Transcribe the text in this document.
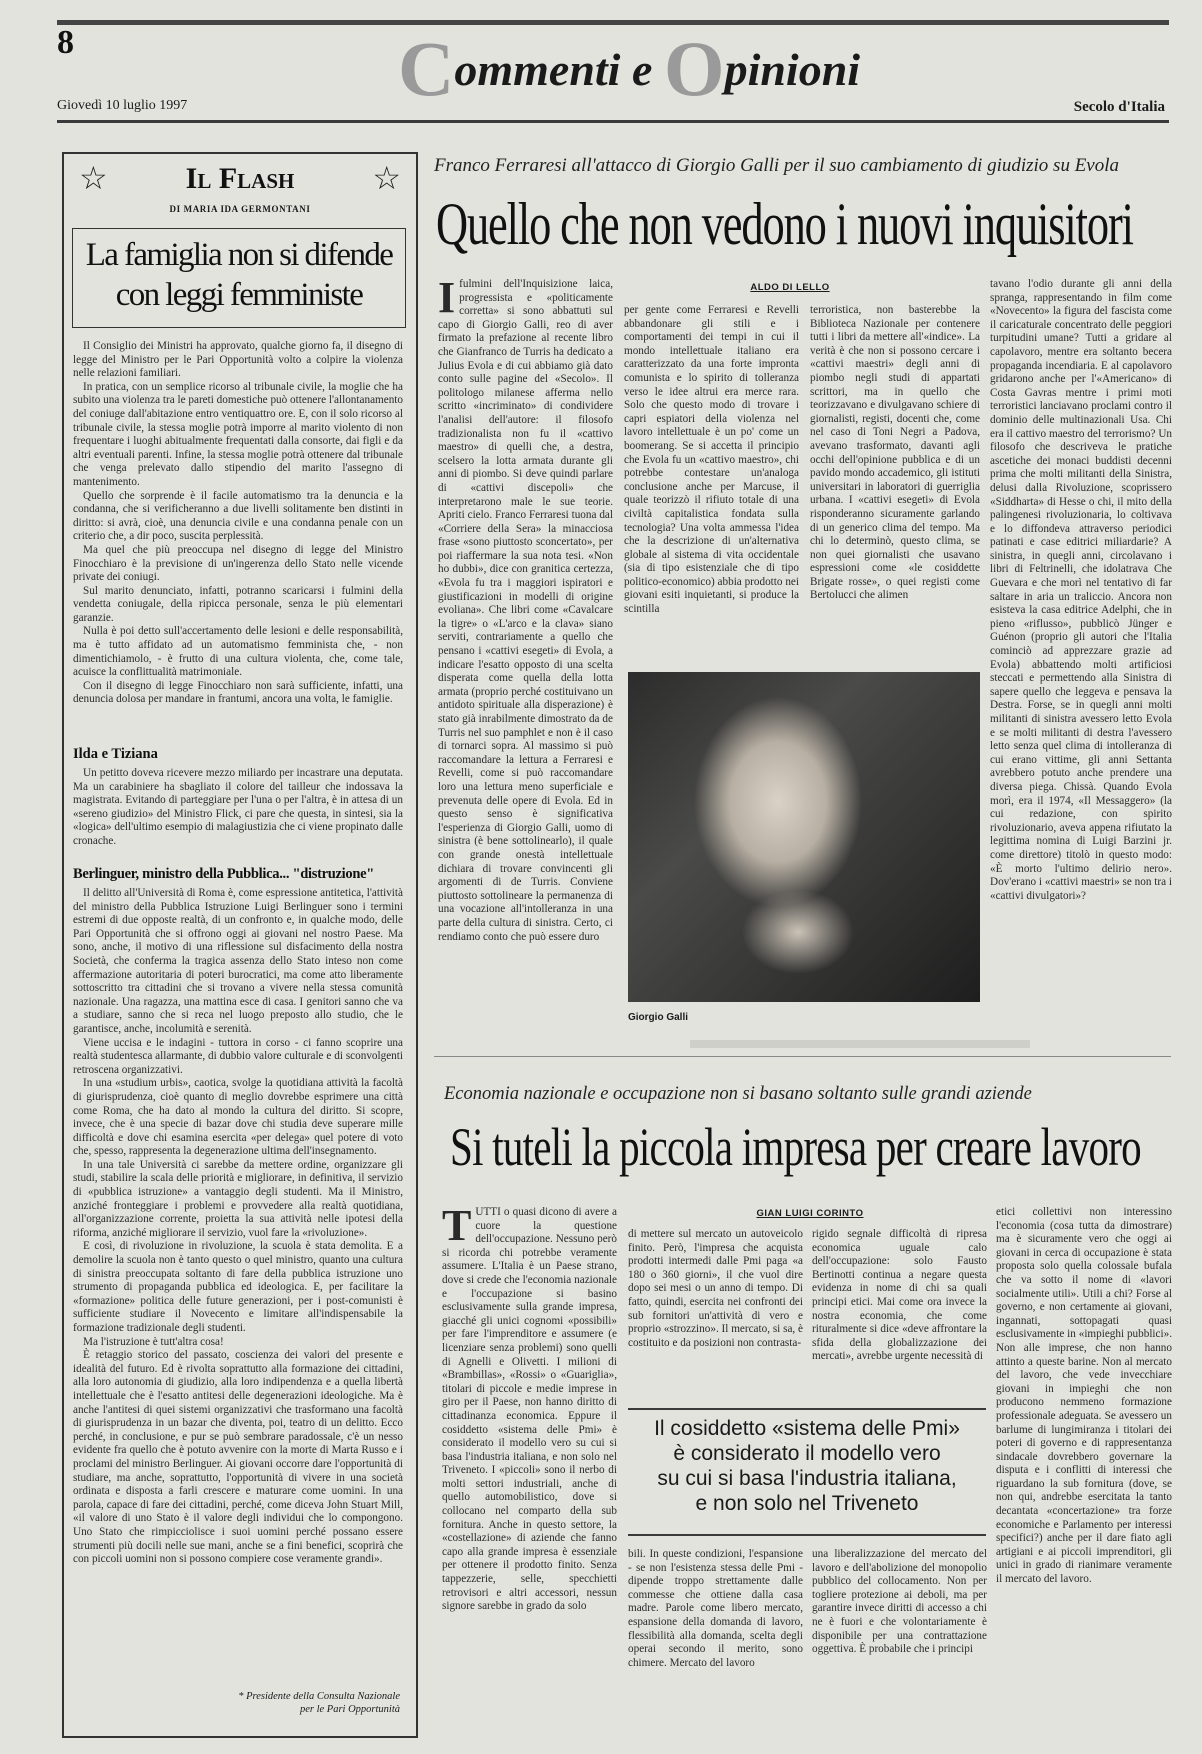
8	Commenti e Opinioni
Giovedì 10 luglio 1997	Secolo d'Italia
☆	Il Flash	☆
DI MARIA IDA GERMONTANI
La famiglia non si difende con leggi femministe

Il Consiglio dei Ministri ha approvato, qualche giorno fa, il disegno di legge del Ministro per le Pari Opportunità volto a colpire la violenza nelle relazioni familiari.

In pratica, con un semplice ricorso al tribunale civile, la moglie che ha subito una violenza tra le pareti domestiche può ottenere l'allontanamento del coniuge dall'abitazione entro ventiquattro ore. E, con il solo ricorso al tribunale civile, la stessa moglie potrà imporre al marito violento di non frequentare i luoghi abitualmente frequentati dalla consorte, dai figli e da altri eventuali parenti. Infine, la stessa moglie potrà ottenere dal tribunale che venga prelevato dallo stipendio del marito l'assegno di mantenimento.

Quello che sorprende è il facile automatismo tra la denuncia e la condanna, che si verificheranno a due livelli solitamente ben distinti in diritto: si avrà, cioè, una denuncia civile e una condanna penale con un criterio che, a dir poco, suscita perplessità.

Ma quel che più preoccupa nel disegno di legge del Ministro Finocchiaro è la previsione di un'ingerenza dello Stato nelle vicende private dei coniugi.

Sul marito denunciato, infatti, potranno scaricarsi i fulmini della vendetta coniugale, della ripicca personale, senza le più elementari garanzie.

Nulla è poi detto sull'accertamento delle lesioni e delle responsabilità, ma è tutto affidato ad un automatismo femminista che, - non dimentichiamolo, - è frutto di una cultura violenta, che, come tale, acuisce la conflittualità matrimoniale.

Con il disegno di legge Finocchiaro non sarà sufficiente, infatti, una denuncia dolosa per mandare in frantumi, ancora una volta, le famiglie.

Ilda e Tiziana

Un petitto doveva ricevere mezzo miliardo per incastrare una deputata. Ma un carabiniere ha sbagliato il colore del tailleur che indossava la magistrata. Evitando di parteggiare per l'una o per l'altra, è in attesa di un «sereno giudizio» del Ministro Flick, ci pare che questa, in sintesi, sia la «logica» dell'ultimo esempio di malagiustizia che ci viene propinato dalle cronache.

Berlinguer, ministro della Pubblica... "distruzione"

Il delitto all'Università di Roma è, come espressione antitetica, l'attività del ministro della Pubblica Istruzione Luigi Berlinguer sono i termini estremi di due opposte realtà, di un confronto e, in qualche modo, delle Pari Opportunità che si offrono oggi ai giovani nel nostro Paese. Ma sono, anche, il motivo di una riflessione sul disfacimento della nostra Società, che conferma la tragica assenza dello Stato inteso non come affermazione autoritaria di poteri burocratici, ma come atto liberamente sottoscritto tra cittadini che si trovano a vivere nella stessa comunità nazionale. Una ragazza, una mattina esce di casa. I genitori sanno che va a studiare, sanno che si reca nel luogo preposto allo studio, che le garantisce, anche, incolumità e serenità.

Viene uccisa e le indagini - tuttora in corso - ci fanno scoprire una realtà studentesca allarmante, di dubbio valore culturale e di sconvolgenti retroscena organizzativi.

In una «studium urbis», caotica, svolge la quotidiana attività la facoltà di giurisprudenza, cioè quanto di meglio dovrebbe esprimere una città come Roma, che ha dato al mondo la cultura del diritto. Si scopre, invece, che è una specie di bazar dove chi studia deve superare mille difficoltà e dove chi esamina esercita «per delega» quel potere di voto che, spesso, rappresenta la degenerazione ultima dell'insegnamento.

In una tale Università ci sarebbe da mettere ordine, organizzare gli studi, stabilire la scala delle priorità e migliorare, in definitiva, il servizio di «pubblica istruzione» a vantaggio degli studenti. Ma il Ministro, anziché fronteggiare i problemi e provvedere alla realtà quotidiana, all'organizzazione corrente, proietta la sua attività nelle ipotesi della riforma, anziché migliorare il servizio, vuol fare la «rivoluzione».

E così, di rivoluzione in rivoluzione, la scuola è stata demolita. E a demolire la scuola non è tanto questo o quel ministro, quanto una cultura di sinistra preoccupata soltanto di fare della pubblica istruzione uno strumento di propaganda pubblica ed ideologica. E, per facilitare la «formazione» politica delle future generazioni, per i post-comunisti è sufficiente studiare il Novecento e limitare all'indispensabile la formazione tradizionale degli studenti.

Ma l'istruzione è tutt'altra cosa!

È retaggio storico del passato, coscienza dei valori del presente e idealità del futuro. Ed è rivolta soprattutto alla formazione dei cittadini, alla loro autonomia di giudizio, alla loro indipendenza e a quella libertà intellettuale che è l'esatto antitesi delle degenerazioni ideologiche. Ma è anche l'antitesi di quei sistemi organizzativi che trasformano una facoltà di giurisprudenza in un bazar che diventa, poi, teatro di un delitto. Ecco perché, in conclusione, e pur se può sembrare paradossale, c'è un nesso evidente fra quello che è potuto avvenire con la morte di Marta Russo e i proclami del ministro Berlinguer. Ai giovani occorre dare l'opportunità di studiare, ma anche, soprattutto, l'opportunità di vivere in una società ordinata e disposta a farli crescere e maturare come uomini. In una parola, capace di fare dei cittadini, perché, come diceva John Stuart Mill, «il valore di uno Stato è il valore degli individui che lo compongono. Uno Stato che rimpicciolisce i suoi uomini perché possano essere strumenti più docili nelle sue mani, anche se a fini benefici, scoprirà che con piccoli uomini non si possono compiere cose veramente grandi».

* Presidente della Consulta Nazionale
per le Pari Opportunità
Franco Ferraresi all'attacco di Giorgio Galli per il suo cambiamento di giudizio su Evola
Quello che non vedono i nuovi inquisitori
ALDO DI LELLO
Ifulmini dell'Inquisizione laica, progressista e «politicamente corretta» si sono abbattuti sul capo di Giorgio Galli, reo di aver firmato la prefazione al recente libro che Gianfranco de Turris ha dedicato a Julius Evola e di cui abbiamo già dato conto sulle pagine del «Secolo». Il politologo milanese afferma nello scritto «incriminato» di condividere l'analisi dell'autore: il filosofo tradizionalista non fu il «cattivo maestro» di quelli che, a destra, scelsero la lotta armata durante gli anni di piombo. Si deve quindi parlare di «cattivi discepoli» che interpretarono male le sue teorie. Apriti cielo. Franco Ferraresi tuona dal «Corriere della Sera» la minacciosa frase «sono piuttosto sconcertato», per poi riaffermare la sua nota tesi. «Non ho dubbi», dice con granitica certezza, «Evola fu tra i maggiori ispiratori e giustificazioni in modelli di origine evoliana». Che libri come «Cavalcare la tigre» o «L'arco e la clava» siano serviti, contrariamente a quello che pensano i «cattivi esegeti» di Evola, a indicare l'esatto opposto di una scelta disperata come quella della lotta armata (proprio perché costituivano un antidoto spirituale alla disperazione) è stato già inrabilmente dimostrato da de Turris nel suo pamphlet e non è il caso di tornarci sopra. Al massimo si può raccomandare la lettura a Ferraresi e Revelli, come si può raccomandare loro una lettura meno superficiale e prevenuta delle opere di Evola. Ed in questo senso è significativa l'esperienza di Giorgio Galli, uomo di sinistra (è bene sottolinearlo), il quale con grande onestà intellettuale dichiara di trovare convincenti gli argomenti di de Turris. Conviene piuttosto sottolineare la permanenza di una vocazione all'intolleranza in una parte della cultura di sinistra. Certo, ci rendiamo conto che può essere duro

per gente come Ferraresi e Revelli abbandonare gli stili e i comportamenti dei tempi in cui il mondo intellettuale italiano era caratterizzato da una forte impronta comunista e lo spirito di tolleranza verso le idee altrui era merce rara. Solo che questo modo di trovare i capri espiatori della violenza nel lavoro intellettuale è un po' come un boomerang. Se si accetta il principio che Evola fu un «cattivo maestro», chi potrebbe contestare un'analoga conclusione anche per Marcuse, il quale teorizzò il rifiuto totale di una civiltà capitalistica fondata sulla tecnologia? Una volta ammessa l'idea che la descrizione di un'alternativa globale al sistema di vita occidentale (sia di tipo esistenziale che di tipo politico-economico) abbia prodotto nei giovani esiti inquietanti, si produce la scintilla

terroristica, non basterebbe la Biblioteca Nazionale per contenere tutti i libri da mettere all'«indice». La verità è che non si possono cercare i «cattivi maestri» degli anni di piombo negli studi di appartati scrittori, ma in quello che teorizzavano e divulgavano schiere di giornalisti, registi, docenti che, come nel caso di Toni Negri a Padova, avevano trasformato, davanti agli occhi dell'opinione pubblica e di un pavido mondo accademico, gli istituti universitari in laboratori di guerriglia urbana. I «cattivi esegeti» di Evola risponderanno sicuramente garlando di un generico clima del tempo. Ma chi lo determinò, questo clima, se non quei giornalisti che usavano espressioni come «le cosiddette Brigate rosse», o quei registi come Bertolucci che alimen

tavano l'odio durante gli anni della spranga, rappresentando in film come «Novecento» la figura del fascista come il caricaturale concentrato delle peggiori turpitudini umane? Tutti a gridare al capolavoro, mentre era soltanto becera propaganda incendiaria. E al capolavoro gridarono anche per l'«Americano» di Costa Gavras mentre i primi moti terroristici lanciavano proclami contro il dominio delle multinazionali Usa. Chi era il cattivo maestro del terrorismo? Un filosofo che descriveva le pratiche ascetiche dei monaci buddisti decenni prima che molti militanti della Sinistra, delusi dalla Rivoluzione, scoprissero «Siddharta» di Hesse o chi, il mito della palingenesi rivoluzionaria, lo coltivava e lo diffondeva attraverso periodici patinati e case editrici miliardarie? A sinistra, in quegli anni, circolavano i libri di Feltrinelli, che idolatrava Che Guevara e che morì nel tentativo di far saltare in aria un traliccio. Ancora non esisteva la casa editrice Adelphi, che in pieno «riflusso», pubblicò Jünger e Guénon (proprio gli autori che l'Italia cominciò ad apprezzare grazie ad Evola) abbattendo molti artificiosi steccati e permettendo alla Sinistra di sapere quello che leggeva e pensava la Destra. Forse, se in quegli anni molti militanti di sinistra avessero letto Evola e se molti militanti di destra l'avessero letto senza quel clima di intolleranza di cui erano vittime, gli anni Settanta avrebbero potuto anche prendere una diversa piega. Chissà. Quando Evola morì, era il 1974, «Il Messaggero» (la cui redazione, con spirito rivoluzionario, aveva appena rifiutato la legittima nomina di Luigi Barzini jr. come direttore) titolò in questo modo: «È morto l'ultimo delirio nero». Dov'erano i «cattivi maestri» se non tra i «cattivi divulgatori»?

Giorgio Galli
Economia nazionale e occupazione non si basano soltanto sulle grandi aziende
Si tuteli la piccola impresa per creare lavoro
GIAN LUIGI CORINTO
TUTTI o quasi dicono di avere a cuore la questione dell'occupazione. Nessuno però si ricorda chi potrebbe veramente assumere. L'Italia è un Paese strano, dove si crede che l'economia nazionale e l'occupazione si basino esclusivamente sulla grande impresa, giacché gli unici cognomi «possibili» per fare l'imprenditore e assumere (e licenziare senza problemi) sono quelli di Agnelli e Olivetti. I milioni di «Brambillas», «Rossi» o «Guariglia», titolari di piccole e medie imprese in giro per il Paese, non hanno diritto di cittadinanza economica. Eppure il cosiddetto «sistema delle Pmi» è considerato il modello vero su cui si basa l'industria italiana, e non solo nel Triveneto. I «piccoli» sono il nerbo di molti settori industriali, anche di quello automobilistico, dove si collocano nel comparto della sub fornitura. Anche in questo settore, la «costellazione» di aziende che fanno capo alla grande impresa è essenziale per ottenere il prodotto finito. Senza tappezzerie, selle, specchietti retrovisori e altri accessori, nessun signore sarebbe in grado da solo

di mettere sul mercato un autoveicolo finito. Però, l'impresa che acquista prodotti intermedi dalle Pmi paga «a 180 o 360 giorni», il che vuol dire dopo sei mesi o un anno di tempo. Di fatto, quindi, esercita nei confronti dei sub fornitori un'attività di vero e proprio «strozzino». Il mercato, si sa, è costituito e da posizioni non contrasta-

rigido segnale difficoltà di ripresa economica uguale calo dell'occupazione: solo Fausto Bertinotti continua a negare questa evidenza in nome di chi sa quali principi etici. Mai come ora invece la nostra economia, che come rituralmente si dice «deve affrontare la sfida della globalizzazione dei mercati», avrebbe urgente necessità di

etici collettivi non interessino l'economia (cosa tutta da dimostrare) ma è sicuramente vero che oggi ai giovani in cerca di occupazione è stata proposta solo quella colossale bufala che va sotto il nome di «lavori socialmente utili». Utili a chi? Forse al governo, e non certamente ai giovani, ingannati, sottopagati quasi esclusivamente in «impieghi pubblici». Non alle imprese, che non hanno attinto a queste barine. Non al mercato del lavoro, che vede invecchiare giovani in impieghi che non producono nemmeno formazione professionale adeguata. Se avessero un barlume di lungimiranza i titolari dei poteri di governo e di rappresentanza sindacale dovrebbero governare la disputa e i conflitti di interessi che riguardano la sub fornitura (dove, se non qui, andrebbe esercitata la tanto decantata «concertazione» tra forze economiche e Parlamento per interessi specifici?) anche per il dare fiato agli artigiani e ai piccoli imprenditori, gli unici in grado di rianimare veramente il mercato del lavoro.

Il cosiddetto «sistema delle Pmi»
è considerato il modello vero
su cui si basa l'industria italiana,
e non solo nel Triveneto

bili. In queste condizioni, l'espansione - se non l'esistenza stessa delle Pmi - dipende troppo strettamente dalle commesse che ottiene dalla casa madre. Parole come libero mercato, espansione della domanda di lavoro, flessibilità alla domanda, scelta degli operai secondo il merito, sono chimere. Mercato del lavoro

una liberalizzazione del mercato del lavoro e dell'abolizione del monopolio pubblico del collocamento. Non per togliere protezione ai deboli, ma per garantire invece diritti di accesso a chi ne è fuori e che volontariamente è disponibile per una contrattazione oggettiva. È probabile che i principi
